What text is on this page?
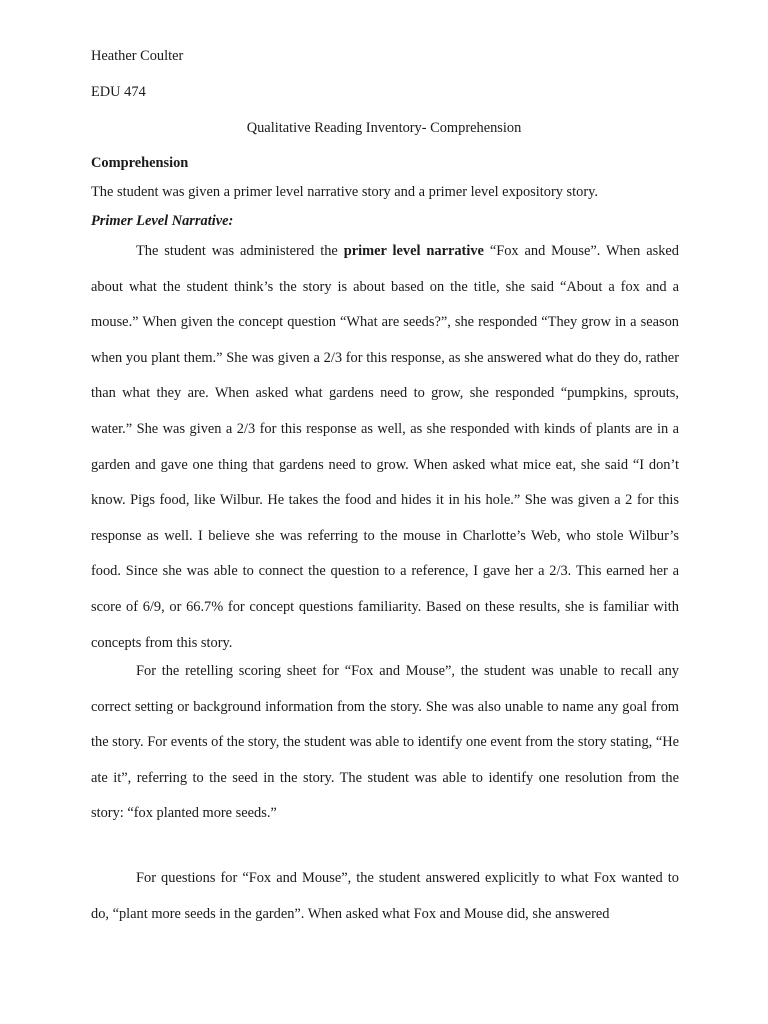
Heather Coulter
EDU 474
Qualitative Reading Inventory- Comprehension
Comprehension
The student was given a primer level narrative story and a primer level expository story.
Primer Level Narrative:

The student was administered the primer level narrative “Fox and Mouse”. When asked about what the student think’s the story is about based on the title, she said “About a fox and a mouse.” When given the concept question “What are seeds?”, she responded “They grow in a season when you plant them.” She was given a 2/3 for this response, as she answered what do they do, rather than what they are. When asked what gardens need to grow, she responded “pumpkins, sprouts, water.” She was given a 2/3 for this response as well, as she responded with kinds of plants are in a garden and gave one thing that gardens need to grow. When asked what mice eat, she said “I don’t know. Pigs food, like Wilbur. He takes the food and hides it in his hole.” She was given a 2 for this response as well. I believe she was referring to the mouse in Charlotte’s Web, who stole Wilbur’s food. Since she was able to connect the question to a reference, I gave her a 2/3. This earned her a score of 6/9, or 66.7% for concept questions familiarity. Based on these results, she is familiar with concepts from this story.

For the retelling scoring sheet for “Fox and Mouse”, the student was unable to recall any correct setting or background information from the story. She was also unable to name any goal from the story. For events of the story, the student was able to identify one event from the story stating, “He ate it”, referring to the seed in the story. The student was able to identify one resolution from the story: “fox planted more seeds.”

For questions for “Fox and Mouse”, the student answered explicitly to what Fox wanted to do, “plant more seeds in the garden”. When asked what Fox and Mouse did, she answered
